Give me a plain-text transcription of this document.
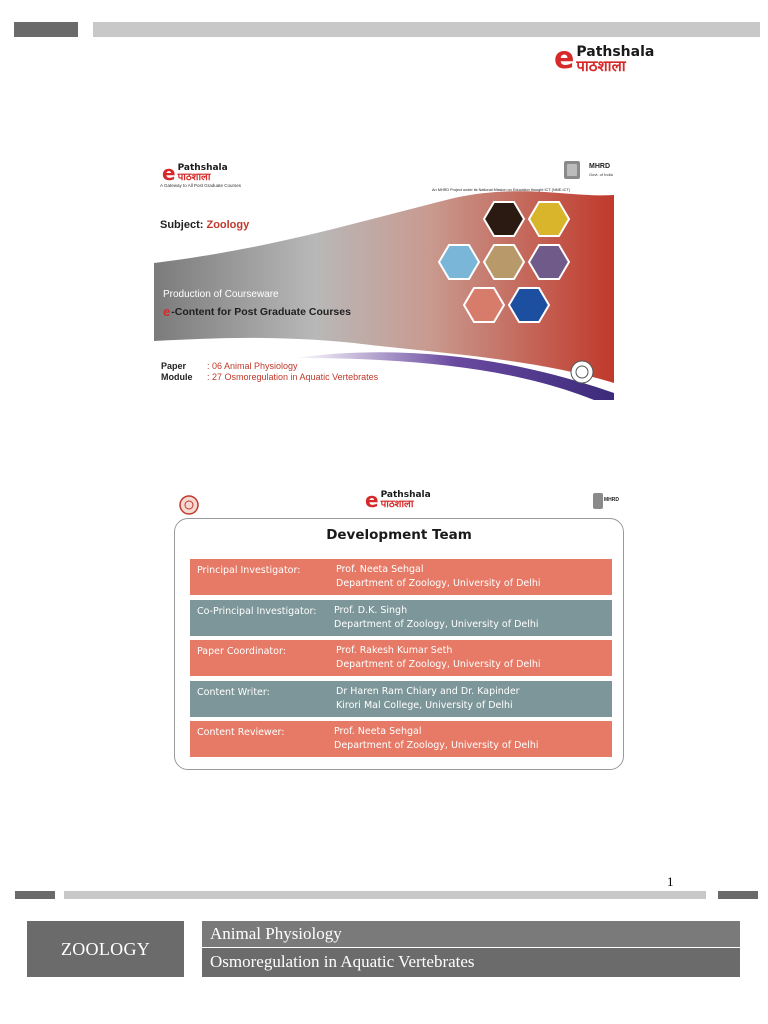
e Pathshala
पाठशाला
e Pathshala
पाठशाला
A Gateway to All Post Graduate Courses
MHRD
Govt. of India
An MHRD Project under its National Mission on Education thought ICT (NME-ICT)
Subject: Zoology
Production of Courseware
e -Content for Post Graduate Courses
Paper	: 06 Animal Physiology
Module	: 27 Osmoregulation in Aquatic Vertebrates
e Pathshala
पाठशाला	MHRD
Development Team
Principal Investigator:	Prof. Neeta Sehgal
Department of Zoology, University of Delhi
Co-Principal Investigator: Prof. D.K. Singh
Department of Zoology, University of Delhi
Paper Coordinator:	Prof. Rakesh Kumar Seth
Department of Zoology, University of Delhi
Content Writer:	Dr Haren Ram Chiary and Dr. Kapinder
Kirori Mal College, University of Delhi
Content Reviewer:	Prof. Neeta Sehgal
Department of Zoology, University of Delhi
1
ZOOLOGY
Animal Physiology
Osmoregulation in Aquatic Vertebrates
